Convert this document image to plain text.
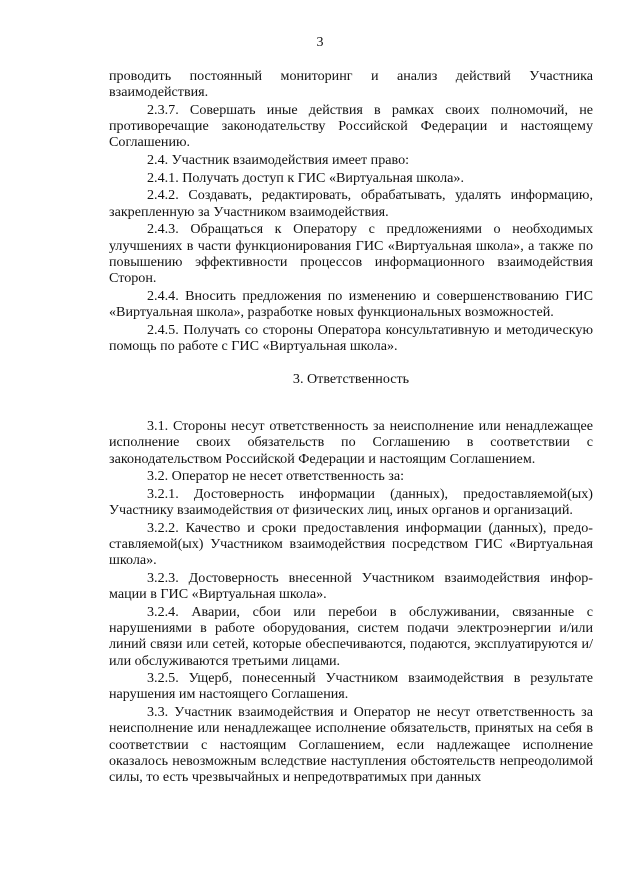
3

проводить постоянный мониторинг и анализ действий Участника взаимодействия.

2.3.7. Совершать иные действия в рамках своих полномочий, не противоречащие законодательству Российской Федерации и настоящему Соглашению.

2.4. Участник взаимодействия имеет право:

2.4.1. Получать доступ к ГИС «Виртуальная школа».

2.4.2. Создавать, редактировать, обрабатывать, удалять информацию, закрепленную за Участником взаимодействия.

2.4.3. Обращаться к Оператору с предложениями о необходимых улучшениях в части функционирования ГИС «Виртуальная школа», а также по повышению эффективности процессов информационного взаимодействия Сторон.

2.4.4. Вносить предложения по изменению и совершенствованию ГИС «Виртуальная школа», разработке новых функциональных возможностей.

2.4.5. Получать со стороны Оператора консультативную и методическую помощь по работе с ГИС «Виртуальная школа».

3. Ответственность

3.1. Стороны несут ответственность за неисполнение или ненадлежащее исполнение своих обязательств по Соглашению в соответствии с законодательством Российской Федерации и настоящим Соглашением.

3.2. Оператор не несет ответственность за:

3.2.1. Достоверность информации (данных), предоставляемой(ых) Участнику взаимодействия от физических лиц, иных органов и организаций.

3.2.2. Качество и сроки предоставления информации (данных), предоставляемой(ых) Участником взаимодействия посредством ГИС «Виртуальная школа».

3.2.3. Достоверность внесенной Участником взаимодействия информации в ГИС «Виртуальная школа».

3.2.4. Аварии, сбои или перебои в обслуживании, связанные с нарушениями в работе оборудования, систем подачи электроэнергии и/или линий связи или сетей, которые обеспечиваются, подаются, эксплуатируются и/или обслуживаются третьими лицами.

3.2.5. Ущерб, понесенный Участником взаимодействия в результате нарушения им настоящего Соглашения.

3.3. Участник взаимодействия и Оператор не несут ответственность за неисполнение или ненадлежащее исполнение обязательств, принятых на себя в соответствии с настоящим Соглашением, если надлежащее исполнение оказалось невозможным вследствие наступления обстоятельств непреодолимой силы, то есть чрезвычайных и непредотвратимых при данных
